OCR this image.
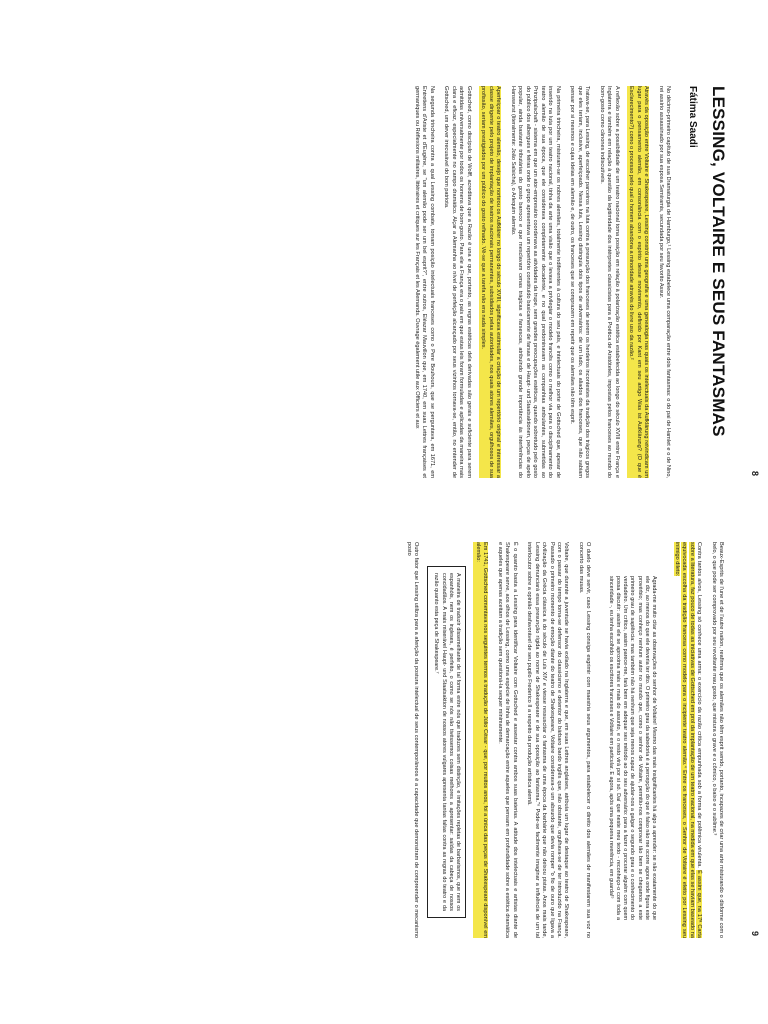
8
LESSING, VOLTAIRE E SEUS FANTASMAS
Fátima Saadi

No décimo-primeiro capítulo de sua Dramaturgia de Hamburgo,¹ Lessing estabelece uma comparação entre dois fantasmas: o do pai de Hamlet e o de Nino, rei assírio assassinado por sua esposa Semíramis, secundada por seu favorito Assur.

Através da oposição entre Voltaire e Shakespeare, Lessing constrói uma geografia e uma genealogia nas quais os intelectuais da Aufklärung reivindicam um lugar para o pensamento alemão, em consonância com o espírito desse movimento, definido por Kant em seu artigo Was ist Aufklärung? (O que é Esclarecimento?) como o processo pelo qual o homem abandona a minoridade através do livre uso da razão.²

A reflexão sobre a possibilidade de um teatro nacional toma posição em relação à polarização estética estabelecida ao longo do século XVIII entre França e Inglaterra e também em relação à questão da legitimidade dos intérpretes classicistas para a Poética de Aristóteles, impostas pelos franceses ao mundo do bom-gosto como cânones indiscutíveis.

Tratava-se, para Lessing, de escolher parceiros na luta contra a presunção dos franceses de serem os herdeiros incontestes da tradição dos trágicos gregos que eles teriam, inclusive, aperfeiçoado. Nessa luta, Lessing distinguia dois tipos de adversários: de um lado, os aliados dos franceses, que não sabiam pensar por si mesmos e cujas ideias em alemão e, de outro, os franceses que se comprazem em repetir que os alemães não têm esprit.

Na primeira trincheira, misturam-se os nobres alemães, totalmente indiferentes à cultura do seu país, e intelectuais do porte de Gottsched que, apesar de inserido na luta por um teatro nacional, tinha da arte uma visão que o levava a privilegiar o modelo francês como o melhor via para o disciplinamento do teatro alemão de sua época, que ele considerava completamente decadente, e no qual predominavam as companhias ambulantes, submetidas ao Prinzipalschaft - sistema em que um ator-empresário coordenava as atividades da trupe, sem grandes preocupações estéticas, quando sobretudo pelo gosto do público dos albergues e feiras onde o grupo apresentava um repertório constituído basicamente de farsas e de Haupt- und Staatsaktionen, peças de apelo popular, ainda bastante tributárias do gosto barroco e que mesclavam cenas trágicas e farsescas, atribuindo grande importância às interferências do Hanswurst (literalmente: João Salsicha), o Arlequim alemão.

Aperfeiçoar o teatro alemão, desejo que norteou os Aufklärer no longo do século XVIII, significava estimular a criação de um repertório original e interessar a classe dirigente pelo projeto de implantação de teatros nacionais permanentes, subsidiados pelas autoridades, nos quais atores alemães, orgulhosos de sua profissão, seriam prestigiados por um público do gosto refinado. Vê-se que a tarefa não era nada simples.

Gottsched, como discípulo de Wolff, acreditava que a Razão é una e que, portanto, as regras estéticas dela derivadas são gerais e suficiente para serem admitidas universalmente por todos os homens de bom-gosto. Para ele a França era o país em que estas leis foram formuladas e aplicadas da maneira mais clara e eficaz, especialmente no campo dramático. Alçar a Alemanha ao nível de perfeição alcançado por seus vizinhos tornava-se, então, no entender de Gottsched, um dever irrecusável do bom patriota.

Na segunda trincheira contra a qual Lessing combate, tomam posição intelectuais franceses como o Pere Bouhours, que se perguntava, em 1671, em Entretiens d'Ariste et d'Eugène, se "um alemão pode ser um bel esprit?", entre outros, Eléazar Mauvillon que, em 1740, em suas Lettres françaises et germaniques ou Réflexions militaires, littéraires et critiques sur les Français et les Allemands. Ouvrage également utile aux Officiers et aux

9

Beaux-Esprits de l'une et de l'autre nation, reafirma que os alemães não têm esprit sendo, portanto, incapazes de criar uma arte misturando o disforme com o belo, o que pode ser comprovado por seu revoltante mau gosto, que mistura o grave e o cômico, o baixo e o sublime.³

Contra tantos alvos, Lessing só conhece uma arma: o exercício da razão crítica empunhada sob a forma de polêmica virulenta. É assim que, na 17ª Carta sobre a literatura, faz pouco de todas as iniciativas de Gottsched em prol da implantação de um teatro nacional, na medida em que elas se haviam baseado na equivocada escolha da tradição francesa como modelo para o incipiente teatro alemão.⁴ Entre os franceses, o Senhor de Voltaire é eleito por Lessing seu inimigo dileto:

Agrada-me muito citar as observações do senhor de Voltaire! Mesmo das mais insignificantes há algo a aprender: se não exatamente do que ele diz, ao menos do que ele deveria ter dito. O primeiro grau da sabedoria é a percepção do que é falso não me ocorre agora onde figura este provérbio; mas conheço nenhum autor no mundo que, como o senhor de Voltaire, permitiu-nos comprovar tão bem se chegamos a este primeiro grau de sapiência: mas também não há nenhum que seja menos capaz de ajudar-nos a galgar o segundo grau e o conhecimento do verdadeiro. Um crítico, assim parece-me, fará bem em adequar seu método ao do seu adversário: para a fazer o procurar alguém com quem possa discutir: assim ele se aproxima mais e mais do assunto, e o resto virá por si só. Daí que neste meu texto - reconheço-o com toda a sinceridade -, eu tenha escolhido os escritores franceses e Voltaire em particular. E agora, após uma pequena reverência, em guarda!⁵

O duelo deve servir, caso Lessing consiga esgrimir com maestria seus argumentos, para estabelecer o direito dos alemães de manifestarem sua voz no concerto das musas.

Voltaire, que durante a juventude se havia exilado na Inglaterra e que, em suas Lettres anglaises, atribuía um lugar de destaque ao teatro de Shakespeare, com o passar do tempo torna-se defensor do classicismo e detentor do bárbaro bardo inglês que, não obstante, orgulhava-se de ter introduzido na França. Passado o primeiro momento de emoção diante do teatro de Shakespeare, Voltaire considerava-o um absurdo que devia romper "o fio de ouro que ligava a civilização da Grécia clássica à do século de Luís XIV e viesse ressuscitar o fantasma de uma época da barbárie que não deixou pistas. Anos mais tarde, Lessing denunciará essa presunção rígida ao nome de Shakespeare e de sua oposição ao fantasma."⁶ Pode-se facilmente imaginar a influência de um tal interlocutor sobre a opinião desfavorável de seu pupilo Frederico II a respeito da produção artística alemã.

É o quanto basta a Lessing para identificar Voltaire com Gottsched e assestar contra ambos suas baterias. A atitude dos intelectuais e artistas diante de Shakespeare serve, aos olhos de Lessing, como uma espécie de linha de demarcação entre aqueles que pensam em profundidade sobre a estética dramática e aqueles que apenas aceitam a tradição sem questioná-la sequer minimamente.

Em 1741, Gottsched comentava nos seguintes termos a tradução de Júlio César - que, por muitos anos, foi a única das peças de Shakespeare disponível em alemão:

A maneira de traduzir dissemelhante de tal forma entre nós que traduzes sem distinção, e imitações repletas de barbarismos, que nem os espanhóis, nem os ingleses, é perfeito, o como se nós não tivéssemos coisas melhores a apresentar: saídas da cabeça de nossos concidadãos. A mais miserável Haupt- und Staatsaktion de nossos atores vulgares apresenta tantas faltas contra as regras do teatro e da razão quanto esta peça de Shakespeare.⁷

Outro fator que Lessing utiliza para a aferição da postura intelectual de seus contemporâneos é a capacidade que demonstram de compreender o mecanismo posto
